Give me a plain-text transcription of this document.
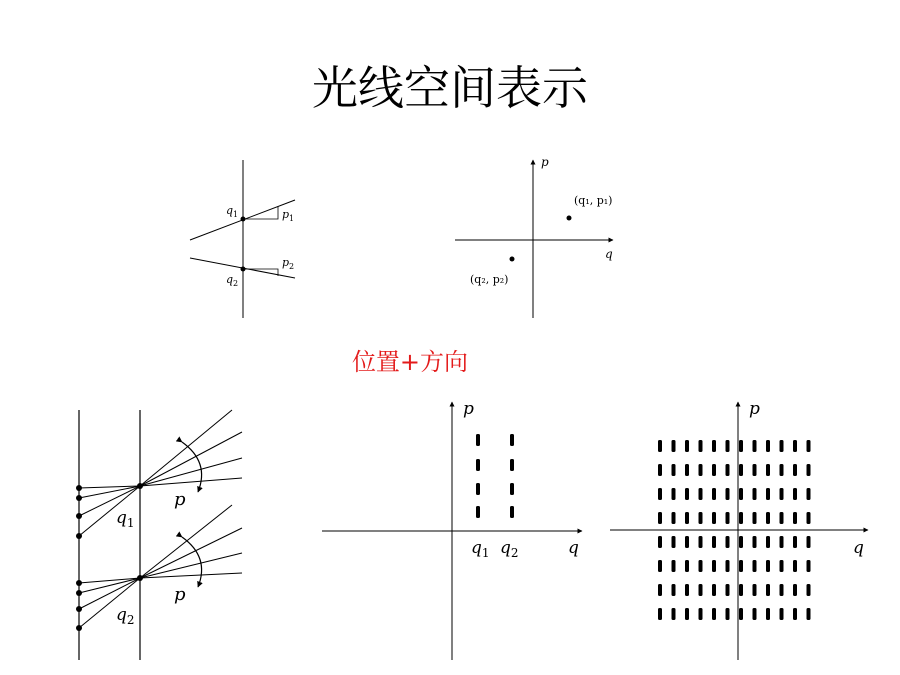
光线空间表示
位置+方向
$q_1$
$q_2$
$p_1$
$p_2$
p
q
(q₁, p₁)
(q₂, p₂)
$q_1$
$q_2$
p
p
p
q
$q_1$ $q_2$
p
q
